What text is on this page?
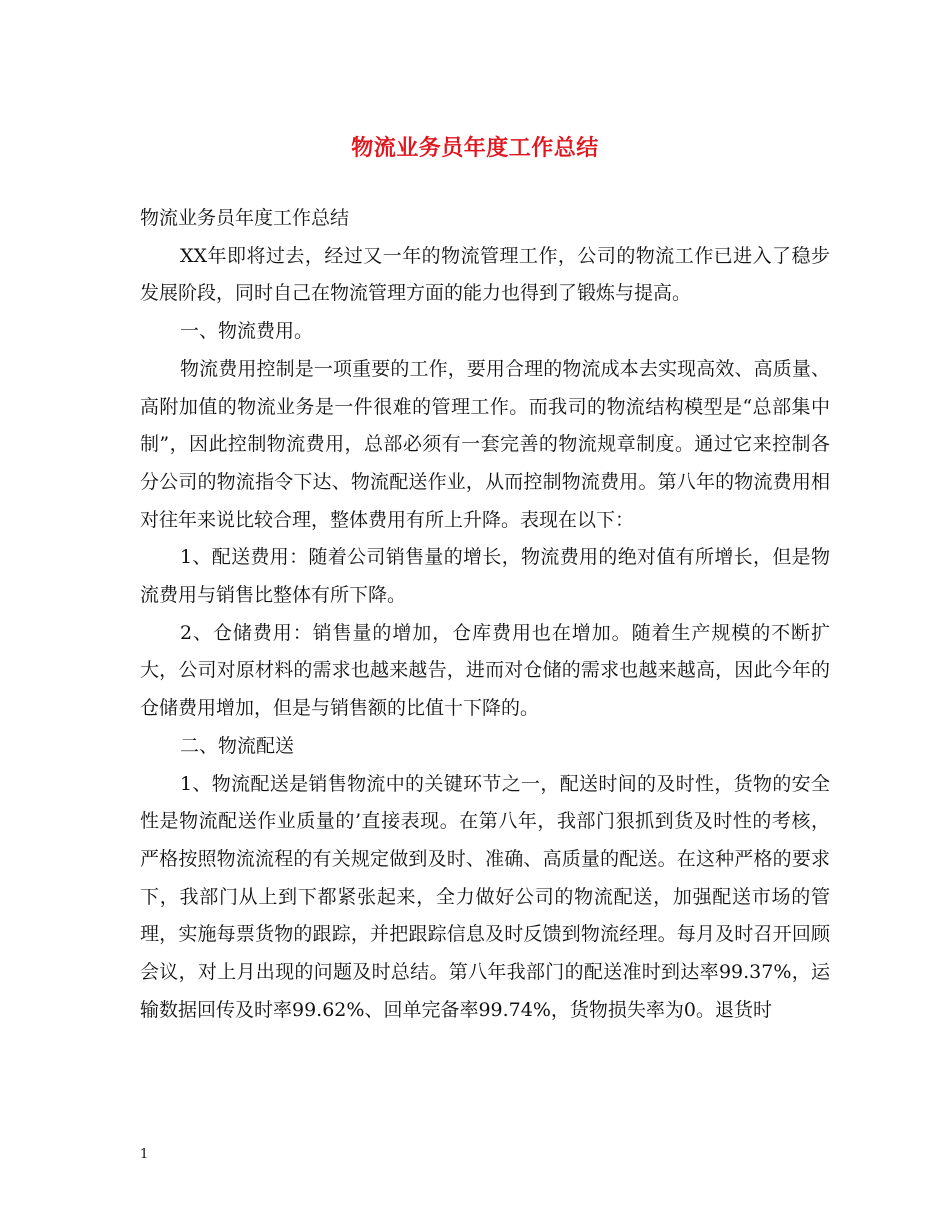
物流业务员年度工作总结

物流业务员年度工作总结

XX年即将过去，经过又一年的物流管理工作，公司的物流工作已进入了稳步发展阶段，同时自己在物流管理方面的能力也得到了锻炼与提高。

一、物流费用。

物流费用控制是一项重要的工作，要用合理的物流成本去实现高效、高质量、高附加值的物流业务是一件很难的管理工作。而我司的物流结构模型是“总部集中制”，因此控制物流费用，总部必须有一套完善的物流规章制度。通过它来控制各分公司的物流指令下达、物流配送作业，从而控制物流费用。第八年的物流费用相对往年来说比较合理，整体费用有所上升降。表现在以下：

1、配送费用：随着公司销售量的增长，物流费用的绝对值有所增长，但是物流费用与销售比整体有所下降。

2、仓储费用：销售量的增加，仓库费用也在增加。随着生产规模的不断扩大，公司对原材料的需求也越来越告，进而对仓储的需求也越来越高，因此今年的仓储费用增加，但是与销售额的比值十下降的。

二、物流配送

1、物流配送是销售物流中的关键环节之一，配送时间的及时性，货物的安全性是物流配送作业质量的’直接表现。在第八年，我部门狠抓到货及时性的考核，严格按照物流流程的有关规定做到及时、准确、高质量的配送。在这种严格的要求下，我部门从上到下都紧张起来，全力做好公司的物流配送，加强配送市场的管理，实施每票货物的跟踪，并把跟踪信息及时反馈到物流经理。每月及时召开回顾会议，对上月出现的问题及时总结。第八年我部门的配送准时到达率99.37%，运输数据回传及时率99.62%、回单完备率99.74%，货物损失率为0。退货时

1
